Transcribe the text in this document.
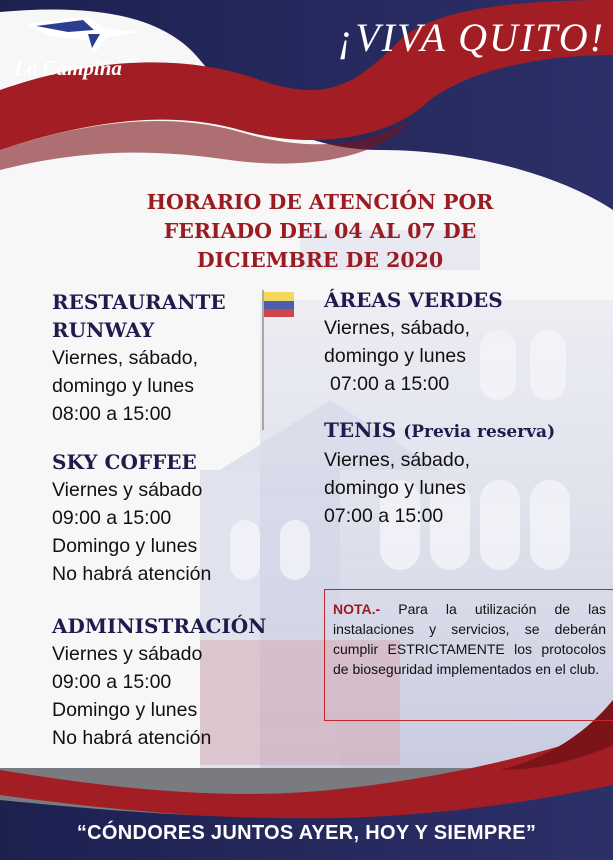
Club
La Campiña
¡VIVA QUITO!
HORARIO DE ATENCIÓN POR
FERIADO DEL 04 AL 07 DE
DICIEMBRE DE 2020
RESTAURANTE
RUNWAY
Viernes, sábado,
domingo y lunes
08:00 a 15:00
SKY COFFEE
Viernes y sábado
09:00 a 15:00
Domingo y lunes
No habrá atención
ADMINISTRACIÓN
Viernes y sábado
09:00 a 15:00
Domingo y lunes
No habrá atención
ÁREAS VERDES
Viernes, sábado,
domingo y lunes
07:00 a 15:00
TENIS (Previa reserva)
Viernes, sábado,
domingo y lunes
07:00 a 15:00
NOTA.- Para la utilización de las instalaciones y servicios, se deberán cumplir ESTRICTAMENTE los protocolos de bioseguridad implementados en el club.
“CÓNDORES JUNTOS AYER, HOY Y SIEMPRE”
